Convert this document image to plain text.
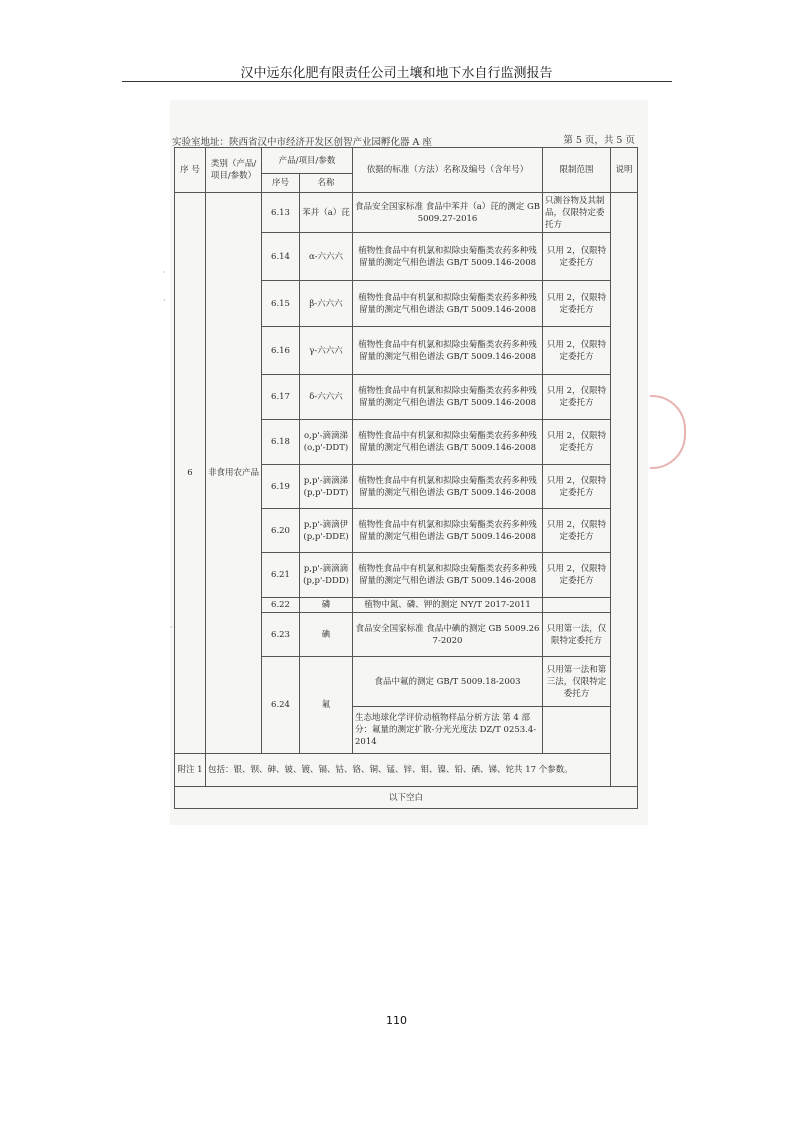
汉中远东化肥有限责任公司土壤和地下水自行监测报告
·
·
·
实验室地址：陕西省汉中市经济开发区创智产业园孵化器 A 座	第 5 页，共 5 页
序 号	类别（产品/项目/参数）	产品/项目/参数		依据的标准（方法）名称及编号（含年号）	限制范围	说明
		序号	名称			
6	非食用农产品	6.13	苯并（a）芘	食品安全国家标准 食品中苯并（a）芘的测定 GB 5009.27-2016	只测谷物及其制品，仅限特定委托方	
		6.14	α-六六六	植物性食品中有机氯和拟除虫菊酯类农药多种残留量的测定气相色谱法 GB/T 5009.146-2008	只用 2，仅限特定委托方	
		6.15	β-六六六	植物性食品中有机氯和拟除虫菊酯类农药多种残留量的测定气相色谱法 GB/T 5009.146-2008	只用 2，仅限特定委托方	
		6.16	γ-六六六	植物性食品中有机氯和拟除虫菊酯类农药多种残留量的测定气相色谱法 GB/T 5009.146-2008	只用 2，仅限特定委托方	
		6.17	δ-六六六	植物性食品中有机氯和拟除虫菊酯类农药多种残留量的测定气相色谱法 GB/T 5009.146-2008	只用 2，仅限特定委托方	
		6.18	o,p'-滴滴涕 (o,p'-DDT)	植物性食品中有机氯和拟除虫菊酯类农药多种残留量的测定气相色谱法 GB/T 5009.146-2008	只用 2，仅限特定委托方	
		6.19	p,p'-滴滴涕 (p,p'-DDT)	植物性食品中有机氯和拟除虫菊酯类农药多种残留量的测定气相色谱法 GB/T 5009.146-2008	只用 2，仅限特定委托方	
		6.20	p,p'-滴滴伊 (p,p'-DDE)	植物性食品中有机氯和拟除虫菊酯类农药多种残留量的测定气相色谱法 GB/T 5009.146-2008	只用 2，仅限特定委托方	
		6.21	p,p'-滴滴滴 (p,p'-DDD)	植物性食品中有机氯和拟除虫菊酯类农药多种残留量的测定气相色谱法 GB/T 5009.146-2008	只用 2，仅限特定委托方	
		6.22	磷	植物中氮、磷、钾的测定 NY/T 2017-2011		
		6.23	碘	食品安全国家标准 食品中碘的测定 GB 5009.267-2020	只用第一法，仅限特定委托方	
		6.24	氟	食品中氟的测定 GB/T 5009.18-2003	只用第一法和第三法，仅限特定委托方	
				生态地球化学评价动植物样品分析方法 第 4 部分：氟量的测定扩散-分光光度法 DZ/T 0253.4-2014		
附注 1	包括：银、钡、砷、铍、镀、镉、钴、铬、铜、锰、锌、钼、镍、铅、硒、锑、铊共 17 个参数。					
以下空白						
110
